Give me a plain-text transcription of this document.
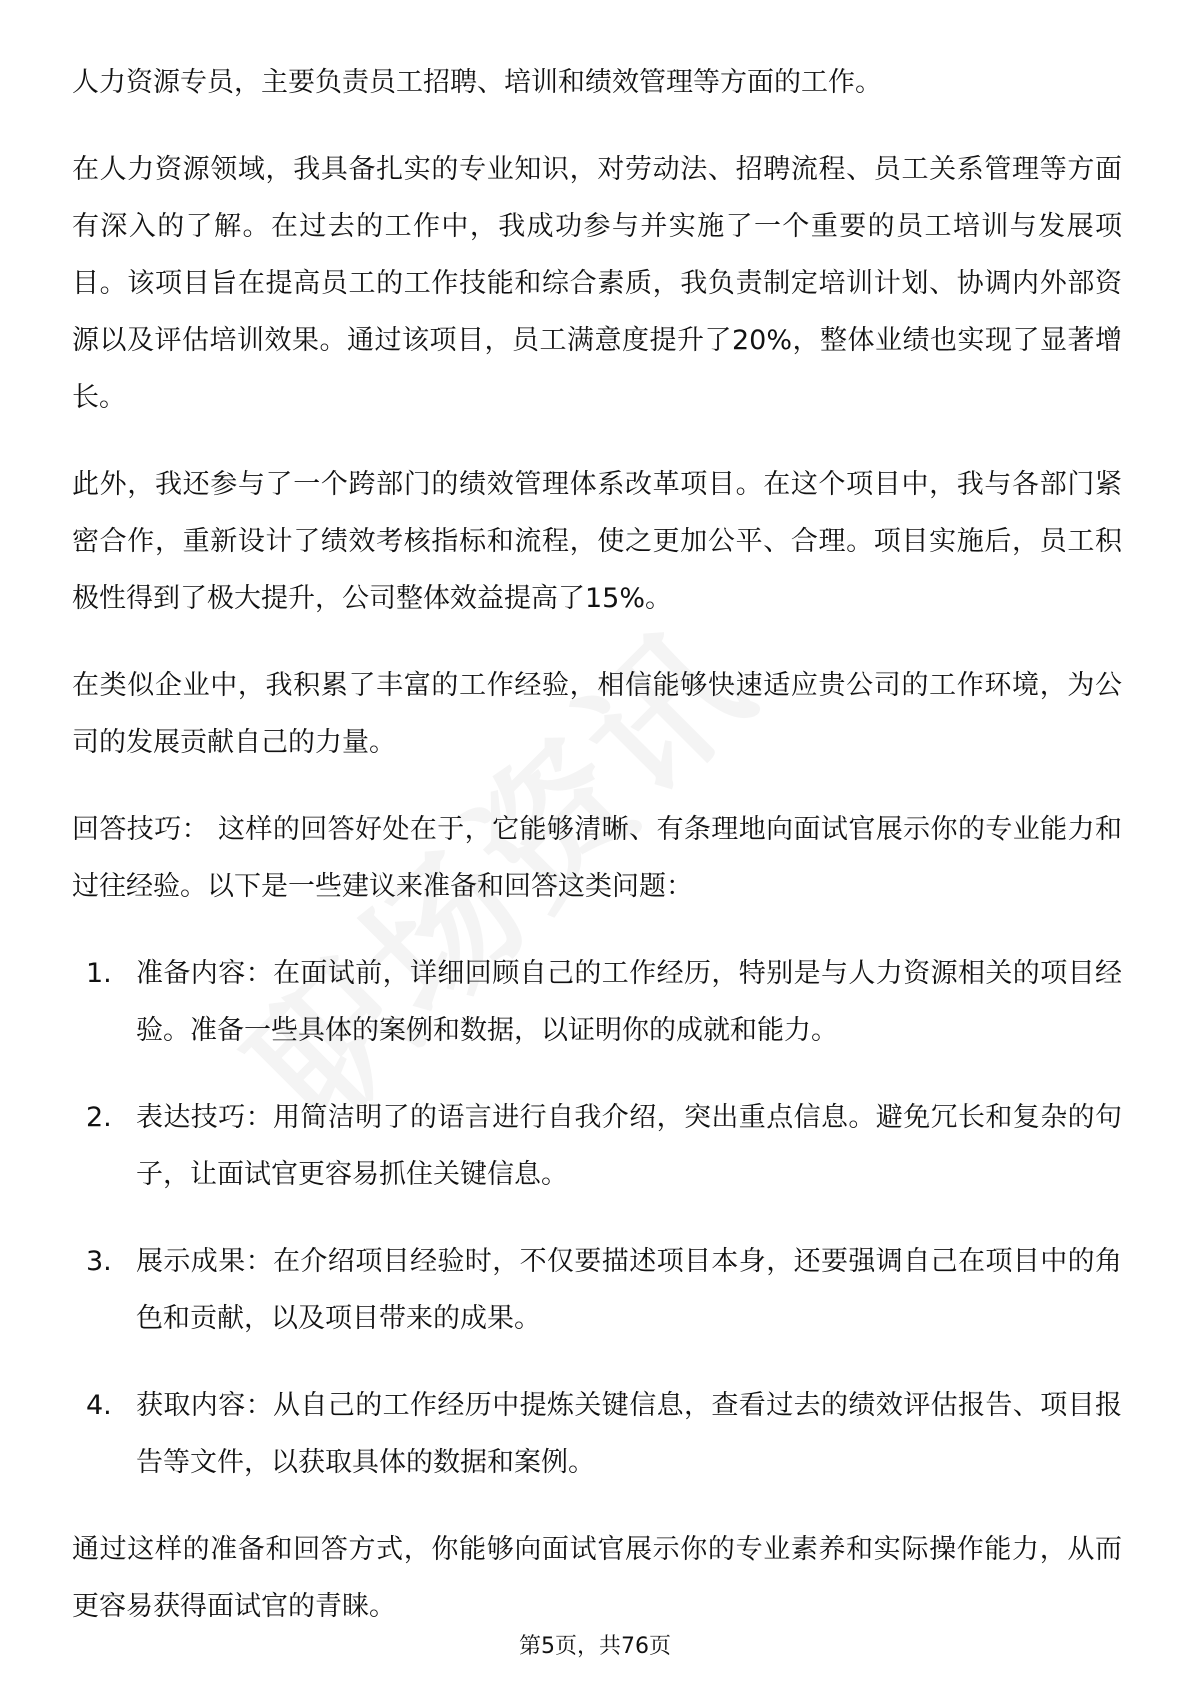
人力资源专员，主要负责员工招聘、培训和绩效管理等方面的工作。

在人力资源领域，我具备扎实的专业知识，对劳动法、招聘流程、员工关系管理等方面有深入的了解。在过去的工作中，我成功参与并实施了一个重要的员工培训与发展项目。该项目旨在提高员工的工作技能和综合素质，我负责制定培训计划、协调内外部资源以及评估培训效果。通过该项目，员工满意度提升了20%，整体业绩也实现了显著增长。

此外，我还参与了一个跨部门的绩效管理体系改革项目。在这个项目中，我与各部门紧密合作，重新设计了绩效考核指标和流程，使之更加公平、合理。项目实施后，员工积极性得到了极大提升，公司整体效益提高了15%。

在类似企业中，我积累了丰富的工作经验，相信能够快速适应贵公司的工作环境，为公司的发展贡献自己的力量。

回答技巧： 这样的回答好处在于，它能够清晰、有条理地向面试官展示你的专业能力和过往经验。以下是一些建议来准备和回答这类问题：

1. 准备内容：在面试前，详细回顾自己的工作经历，特别是与人力资源相关的项目经验。准备一些具体的案例和数据，以证明你的成就和能力。
2. 表达技巧：用简洁明了的语言进行自我介绍，突出重点信息。避免冗长和复杂的句子，让面试官更容易抓住关键信息。
3. 展示成果：在介绍项目经验时，不仅要描述项目本身，还要强调自己在项目中的角色和贡献，以及项目带来的成果。
4. 获取内容：从自己的工作经历中提炼关键信息，查看过去的绩效评估报告、项目报告等文件，以获取具体的数据和案例。

通过这样的准备和回答方式，你能够向面试官展示你的专业素养和实际操作能力，从而更容易获得面试官的青睐。

第5页，共76页
